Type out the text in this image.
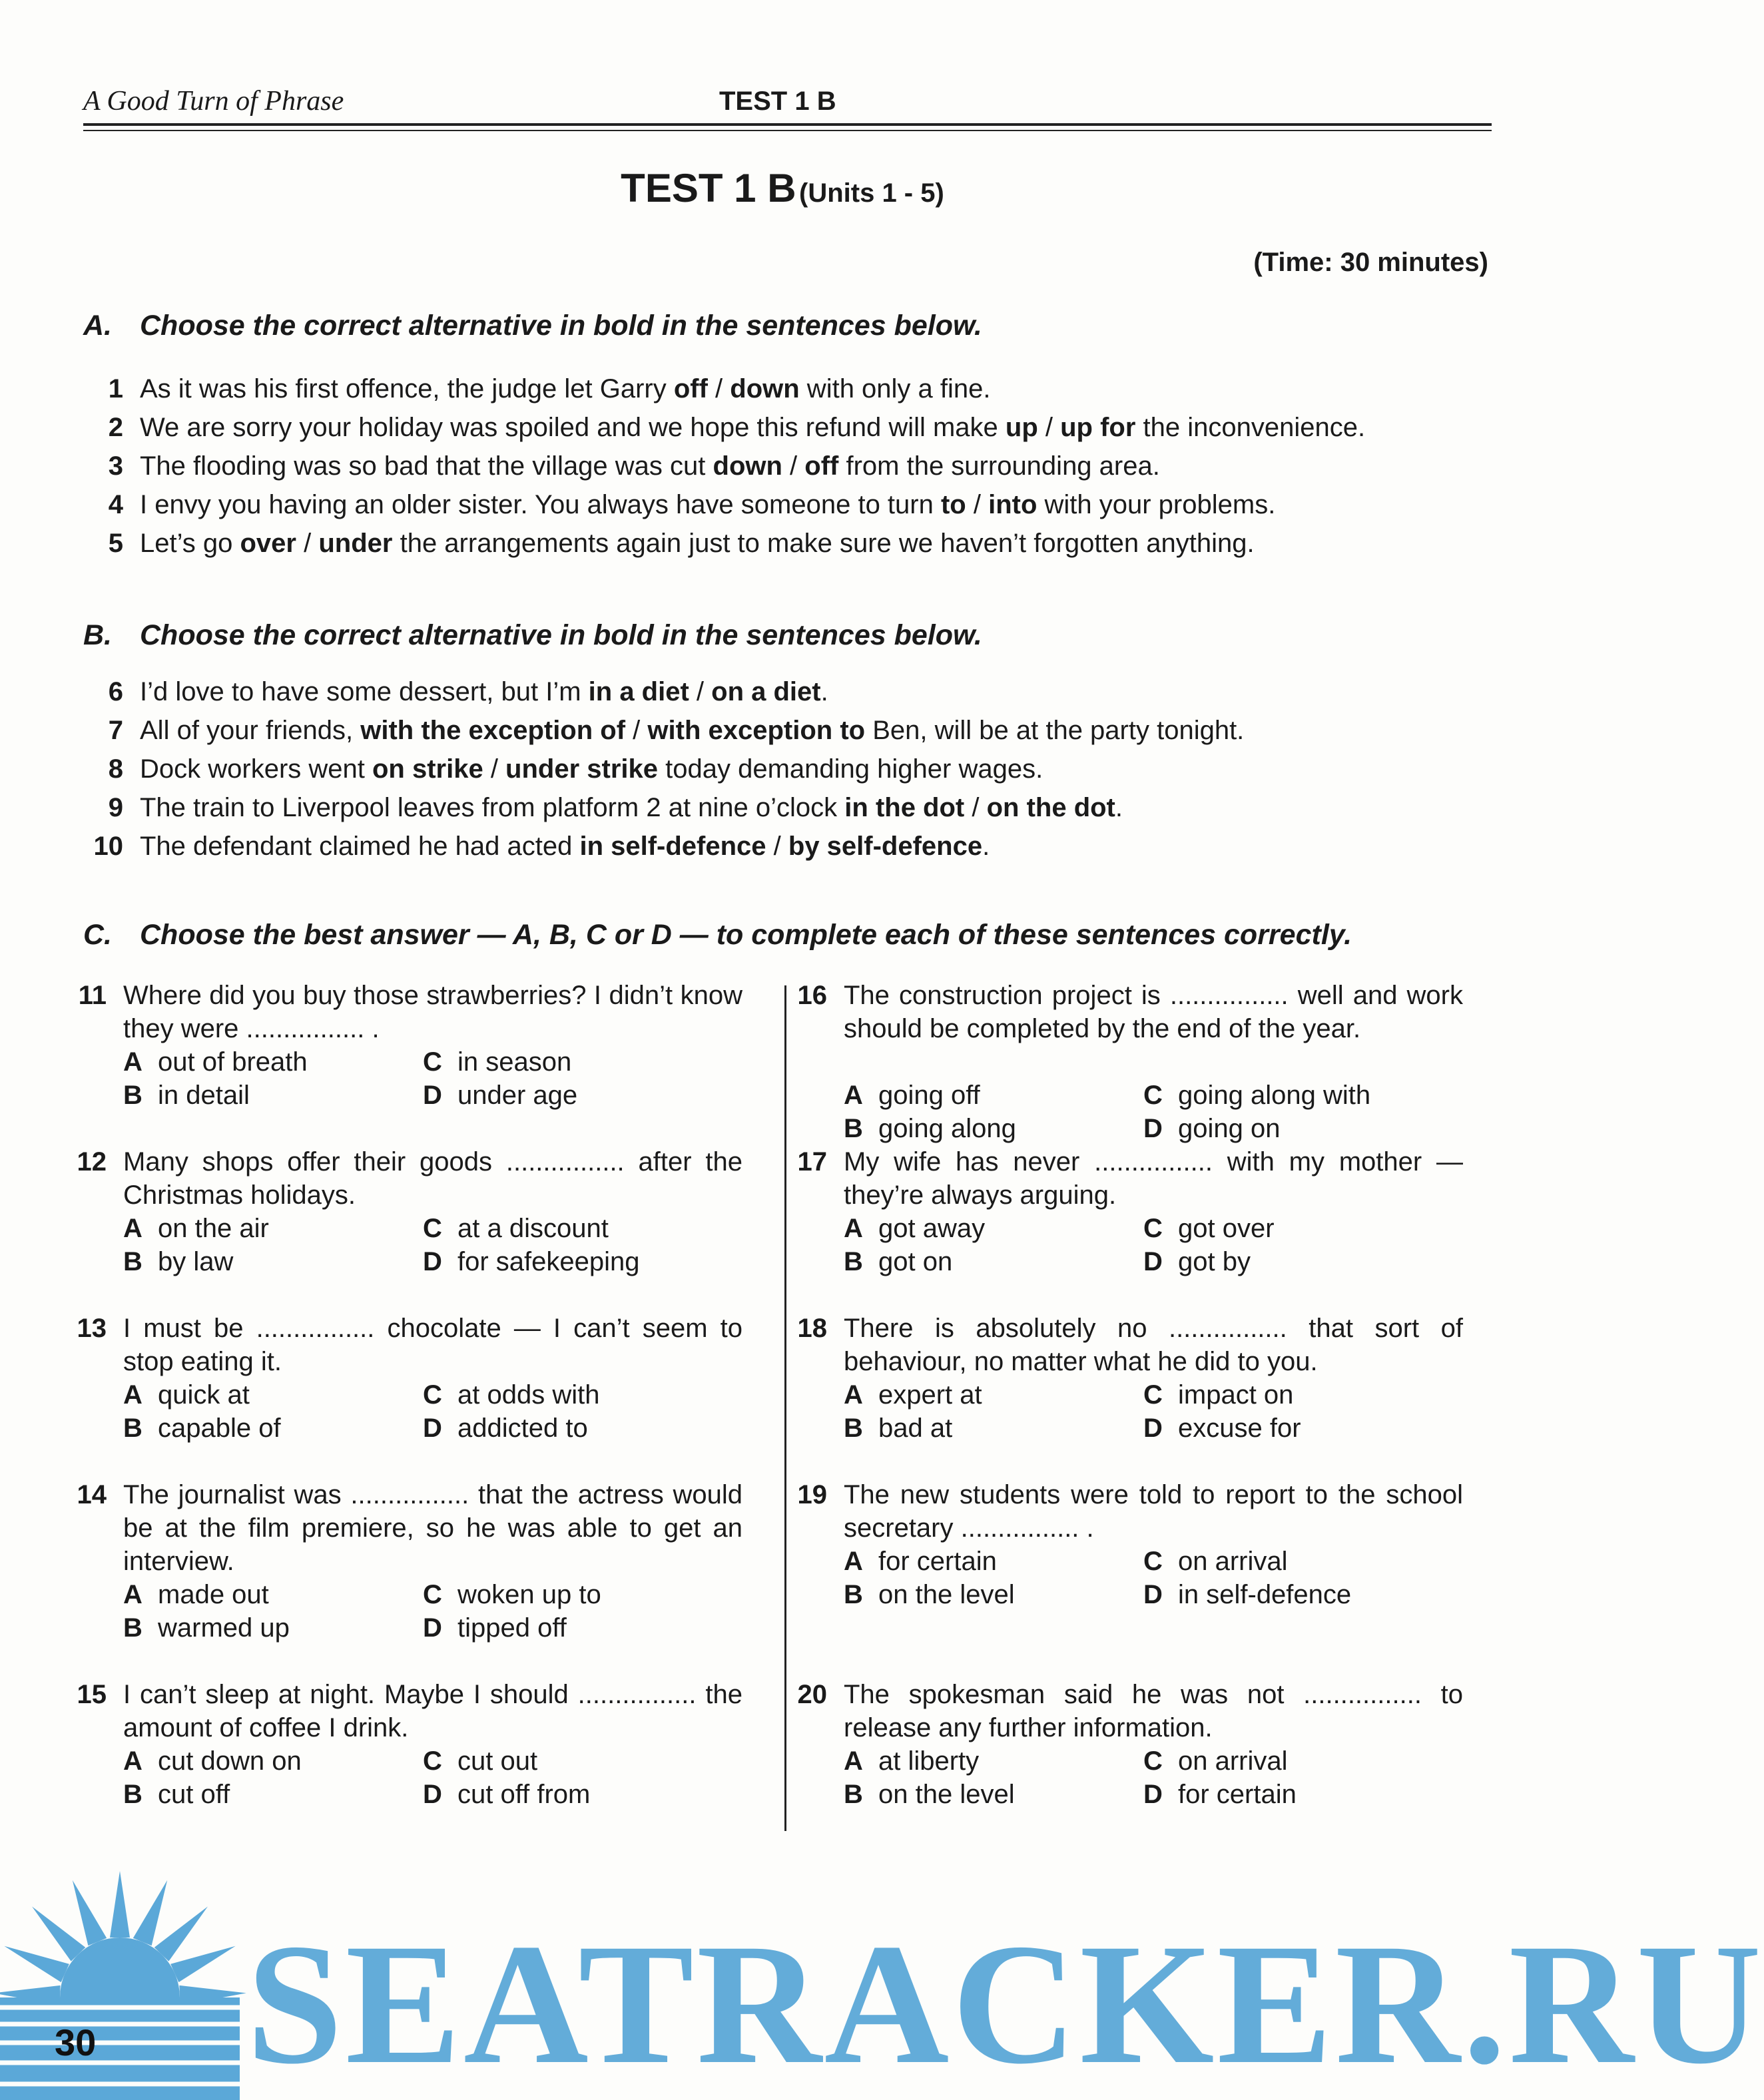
A Good Turn of Phrase	TEST 1 B
TEST 1 B (Units 1 - 5)
(Time: 30 minutes)
A. Choose the correct alternative in bold in the sentences below.
1 As it was his first offence, the judge let Garry off / down with only a fine.
2 We are sorry your holiday was spoiled and we hope this refund will make up / up for the inconvenience.
3 The flooding was so bad that the village was cut down / off from the surrounding area.
4 I envy you having an older sister. You always have someone to turn to / into with your problems.
5 Let’s go over / under the arrangements again just to make sure we haven’t forgotten anything.
B. Choose the correct alternative in bold in the sentences below.
6 I’d love to have some dessert, but I’m in a diet / on a diet.
7 All of your friends, with the exception of / with exception to Ben, will be at the party tonight.
8 Dock workers went on strike / under strike today demanding higher wages.
9 The train to Liverpool leaves from platform 2 at nine o’clock in the dot / on the dot.
10 The defendant claimed he had acted in self-defence / by self-defence.
C. Choose the best answer — A, B, C or D — to complete each of these sentences correctly.
11 Where did you buy those strawberries? I didn’t know they were ................ .
A out of breath	C in season
B in detail	D under age
12 Many shops offer their goods ................ after the Christmas holidays.
A on the air	C at a discount
B by law	D for safekeeping
13 I must be ................ chocolate — I can’t seem to stop eating it.
A quick at	C at odds with
B capable of	D addicted to
14 The journalist was ................ that the actress would be at the film premiere, so he was able to get an interview.
A made out	C woken up to
B warmed up	D tipped off
15 I can’t sleep at night. Maybe I should ................ the amount of coffee I drink.
A cut down on	C cut out
B cut off	D cut off from
16 The construction project is ................ well and work should be completed by the end of the year.
A going off	C going along with
B going along	D going on
17 My wife has never ................ with my mother — they’re always arguing.
A got away	C got over
B got on	D got by
18 There is absolutely no ................ that sort of behaviour, no matter what he did to you.
A expert at	C impact on
B bad at	D excuse for
19 The new students were told to report to the school secretary ................ .
A for certain	C on arrival
B on the level	D in self-defence
20 The spokesman said he was not ................ to release any further information.
A at liberty	C on arrival
B on the level	D for certain
SEATRACKER.RU
30
